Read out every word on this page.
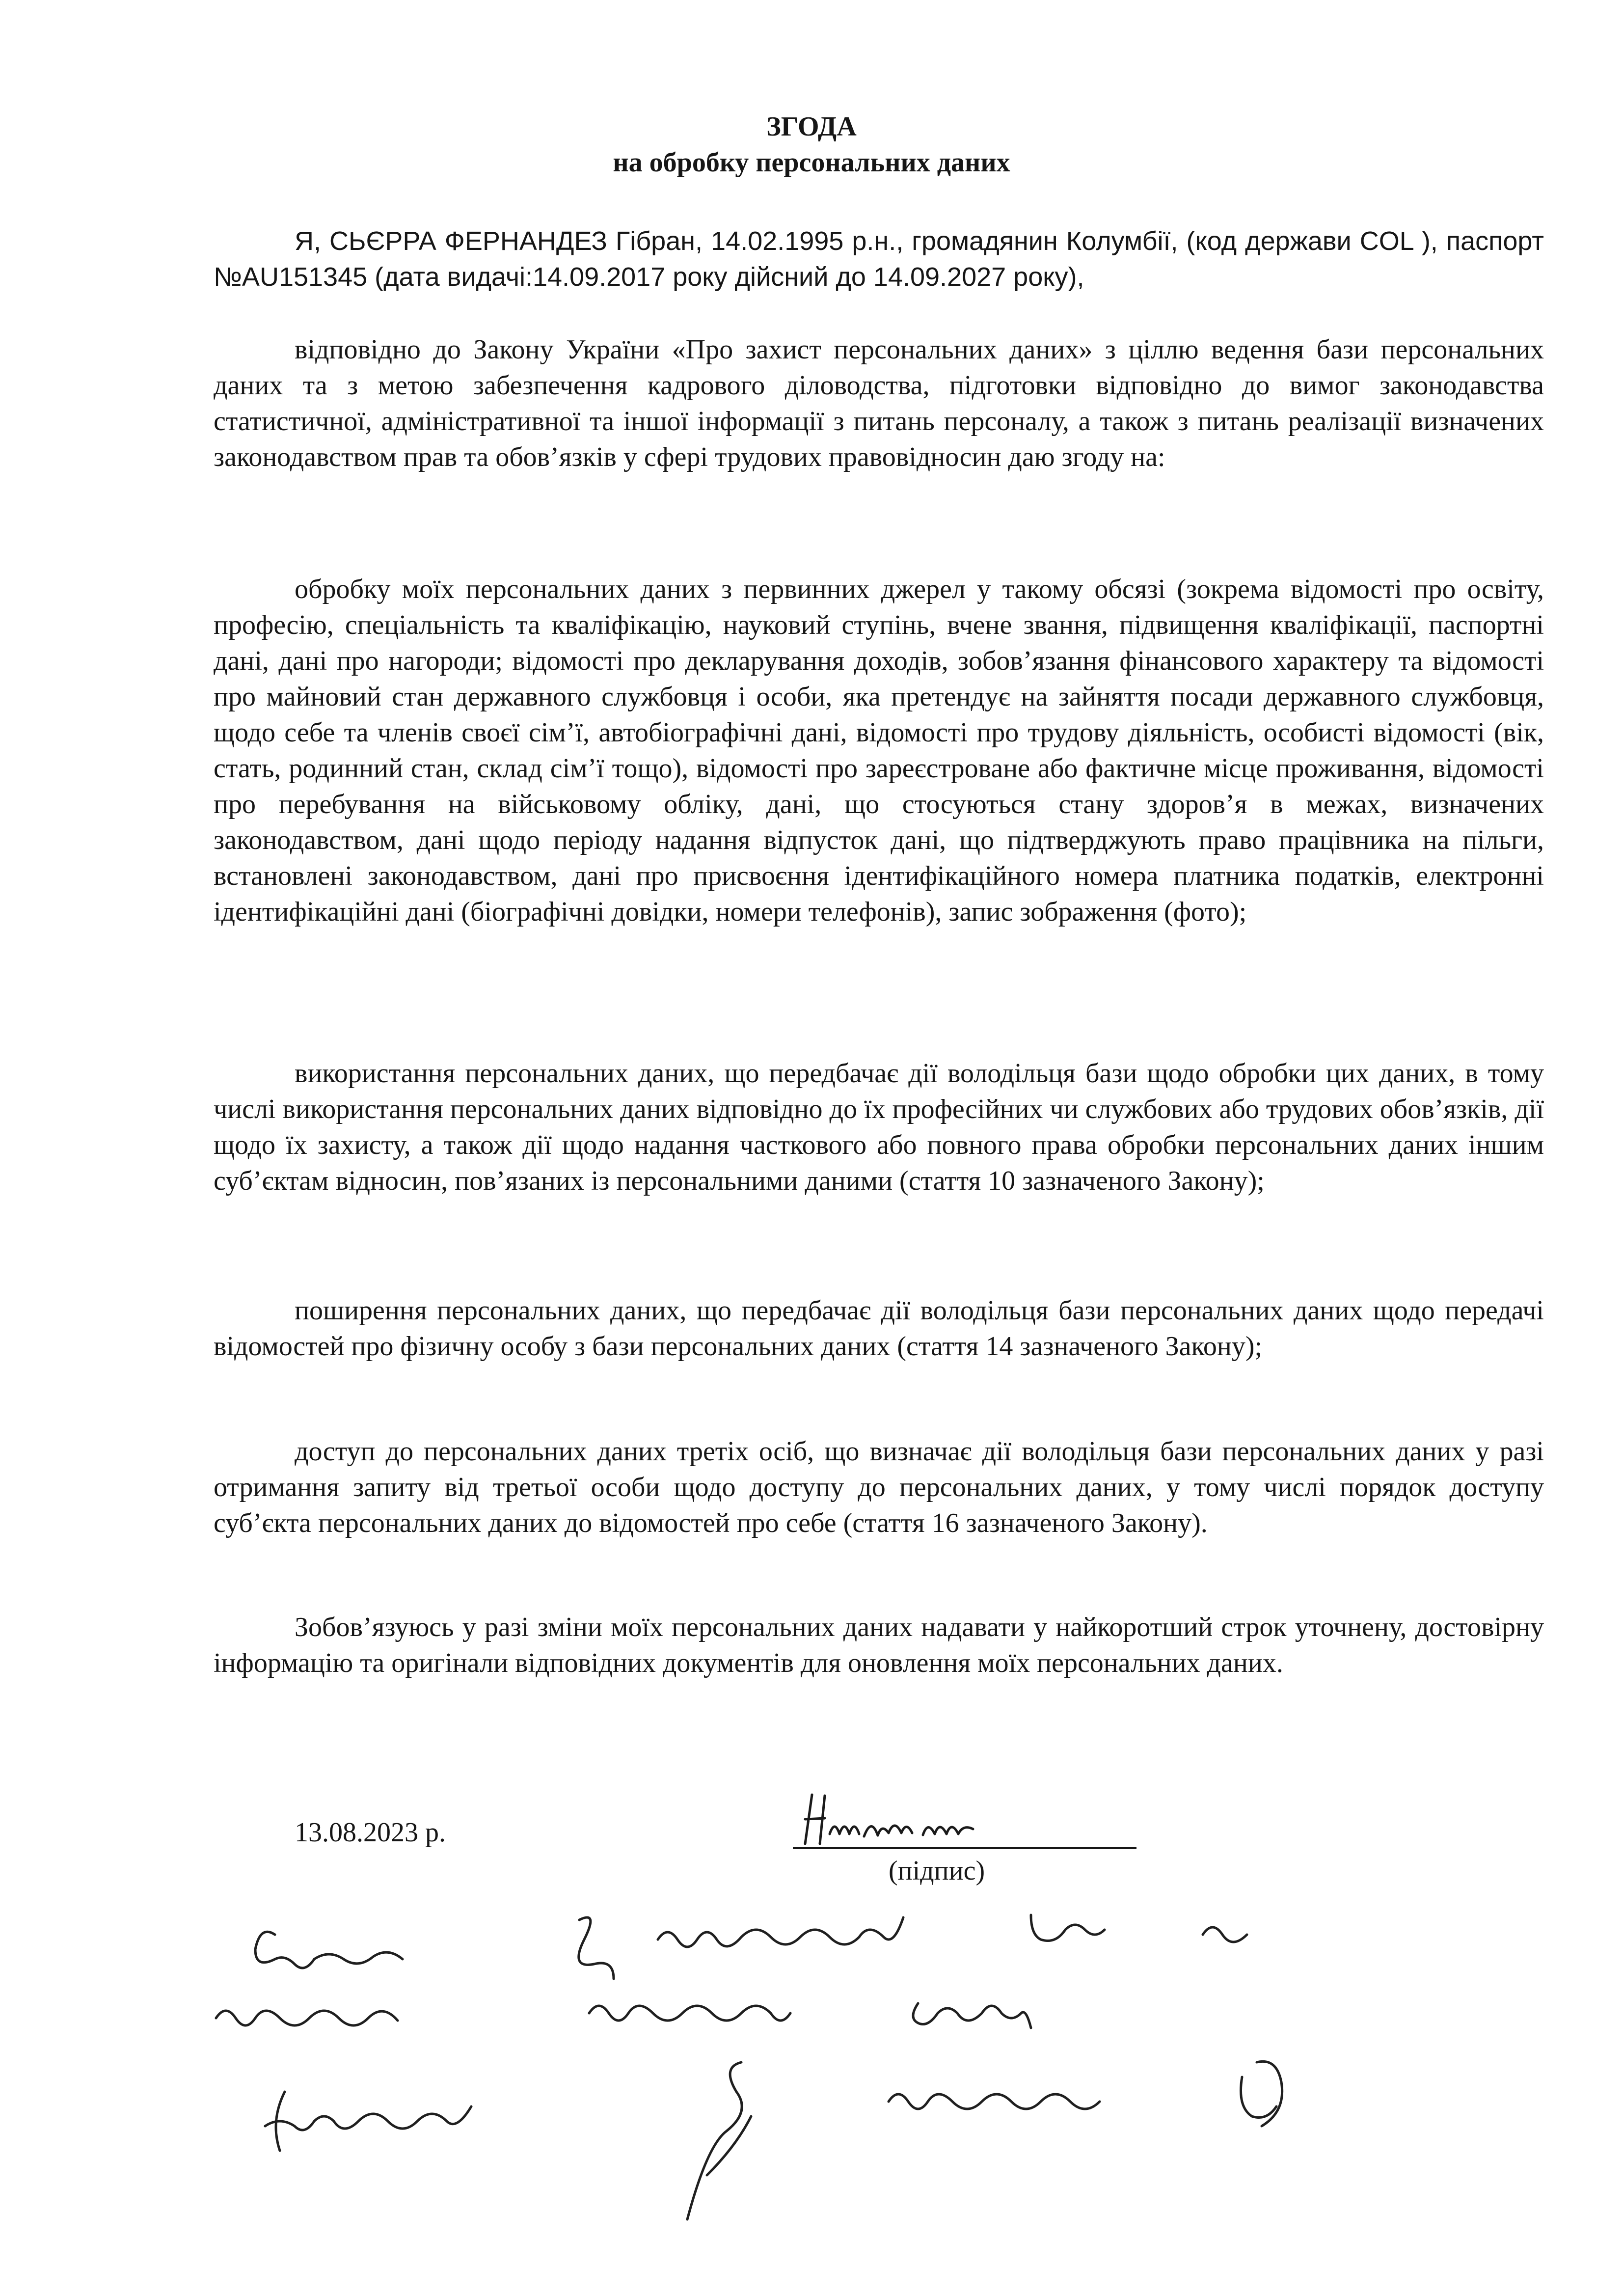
ЗГОДА
на обробку персональних даних
Я, СЬЄРРА ФЕРНАНДЕЗ Гібран, 14.02.1995 р.н., громадянин Колумбії, (код держави COL ), паспорт №AU151345 (дата видачі:14.09.2017 року дійсний до 14.09.2027 року),
відповідно до Закону України «Про захист персональних даних» з ціллю ведення бази персональних даних та з метою забезпечення кадрового діловодства, підготовки відповідно до вимог законодавства статистичної, адміністративної та іншої інформації з питань персоналу, а також з питань реалізації визначених законодавством прав та обов’язків у сфері трудових правовідносин даю згоду на:
обробку моїх персональних даних з первинних джерел у такому обсязі (зокрема відомості про освіту, професію, спеціальність та кваліфікацію, науковий ступінь, вчене звання, підвищення кваліфікації, паспортні дані, дані про нагороди; відомості про декларування доходів, зобов’язання фінансового характеру та відомості про майновий стан державного службовця і особи, яка претендує на зайняття посади державного службовця, щодо себе та членів своєї сім’ї, автобіографічні дані, відомості про трудову діяльність, особисті відомості (вік, стать, родинний стан, склад сім’ї тощо), відомості про зареєстроване або фактичне місце проживання, відомості про перебування на військовому обліку, дані, що стосуються стану здоров’я в межах, визначених законодавством, дані щодо періоду надання відпусток дані, що підтверджують право працівника на пільги, встановлені законодавством, дані про присвоєння ідентифікаційного номера платника податків, електронні ідентифікаційні дані (біографічні довідки, номери телефонів), запис зображення (фото);
використання персональних даних, що передбачає дії володільця бази щодо обробки цих даних, в тому числі використання персональних даних відповідно до їх професійних чи службових або трудових обов’язків, дії щодо їх захисту, а також дії щодо надання часткового або повного права обробки персональних даних іншим суб’єктам відносин, пов’язаних із персональними даними (стаття 10 зазначеного Закону);
поширення персональних даних, що передбачає дії володільця бази персональних даних щодо передачі відомостей про фізичну особу з бази персональних даних (стаття 14 зазначеного Закону);
доступ до персональних даних третіх осіб, що визначає дії володільця бази персональних даних у разі отримання запиту від третьої особи щодо доступу до персональних даних, у тому числі порядок доступу суб’єкта персональних даних до відомостей про себе (стаття 16 зазначеного Закону).
Зобов’язуюсь у разі зміни моїх персональних даних надавати у найкоротший строк уточнену, достовірну інформацію та оригінали відповідних документів для оновлення моїх персональних даних.
13.08.2023 р.
(підпис)
